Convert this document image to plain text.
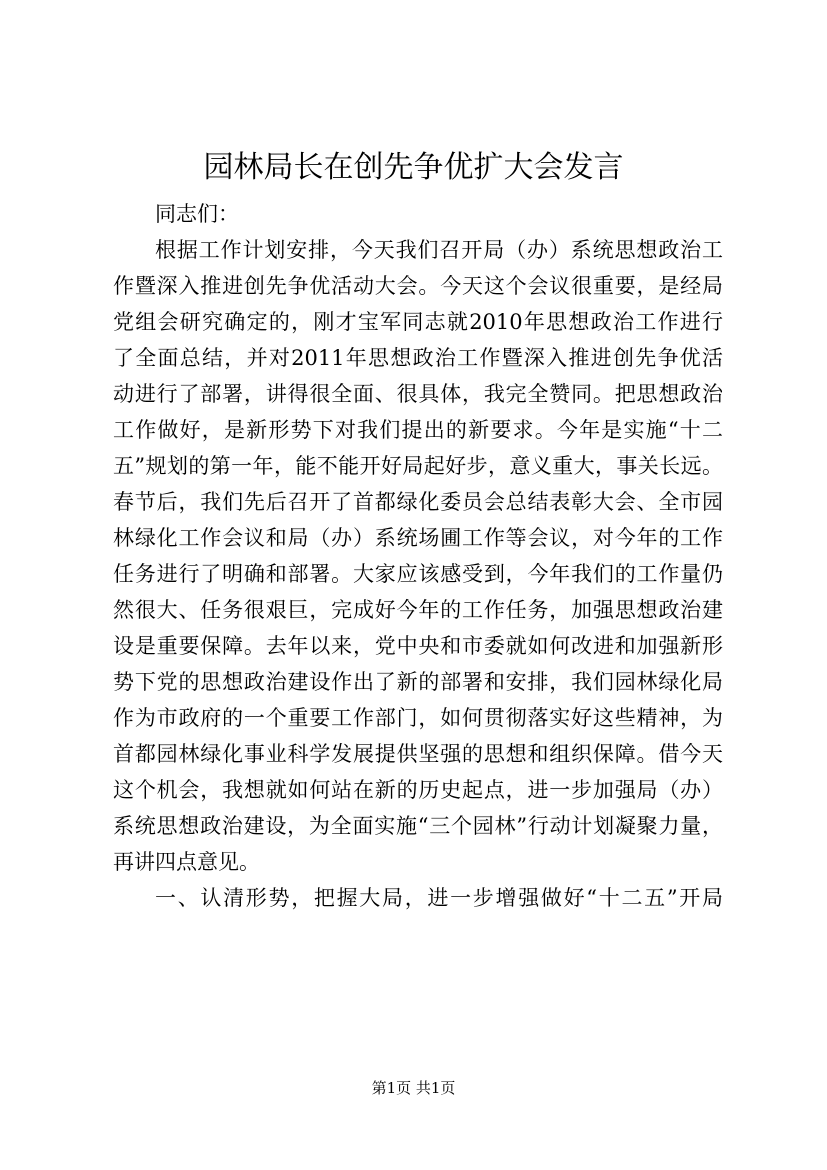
园林局长在创先争优扩大会发言
同志们：
根据工作计划安排，今天我们召开局（办）系统思想政治工
作暨深入推进创先争优活动大会。今天这个会议很重要，是经局
党组会研究确定的，刚才宝军同志就2010年思想政治工作进行
了全面总结，并对2011年思想政治工作暨深入推进创先争优活
动进行了部署，讲得很全面、很具体，我完全赞同。把思想政治
工作做好，是新形势下对我们提出的新要求。今年是实施“十二
五”规划的第一年，能不能开好局起好步，意义重大，事关长远。
春节后，我们先后召开了首都绿化委员会总结表彰大会、全市园
林绿化工作会议和局（办）系统场圃工作等会议，对今年的工作
任务进行了明确和部署。大家应该感受到，今年我们的工作量仍
然很大、任务很艰巨，完成好今年的工作任务，加强思想政治建
设是重要保障。去年以来，党中央和市委就如何改进和加强新形
势下党的思想政治建设作出了新的部署和安排，我们园林绿化局
作为市政府的一个重要工作部门，如何贯彻落实好这些精神，为
首都园林绿化事业科学发展提供坚强的思想和组织保障。借今天
这个机会，我想就如何站在新的历史起点，进一步加强局（办）
系统思想政治建设，为全面实施“三个园林”行动计划凝聚力量，
再讲四点意见。
一、认清形势，把握大局，进一步增强做好“十二五”开局
第1页 共1页
